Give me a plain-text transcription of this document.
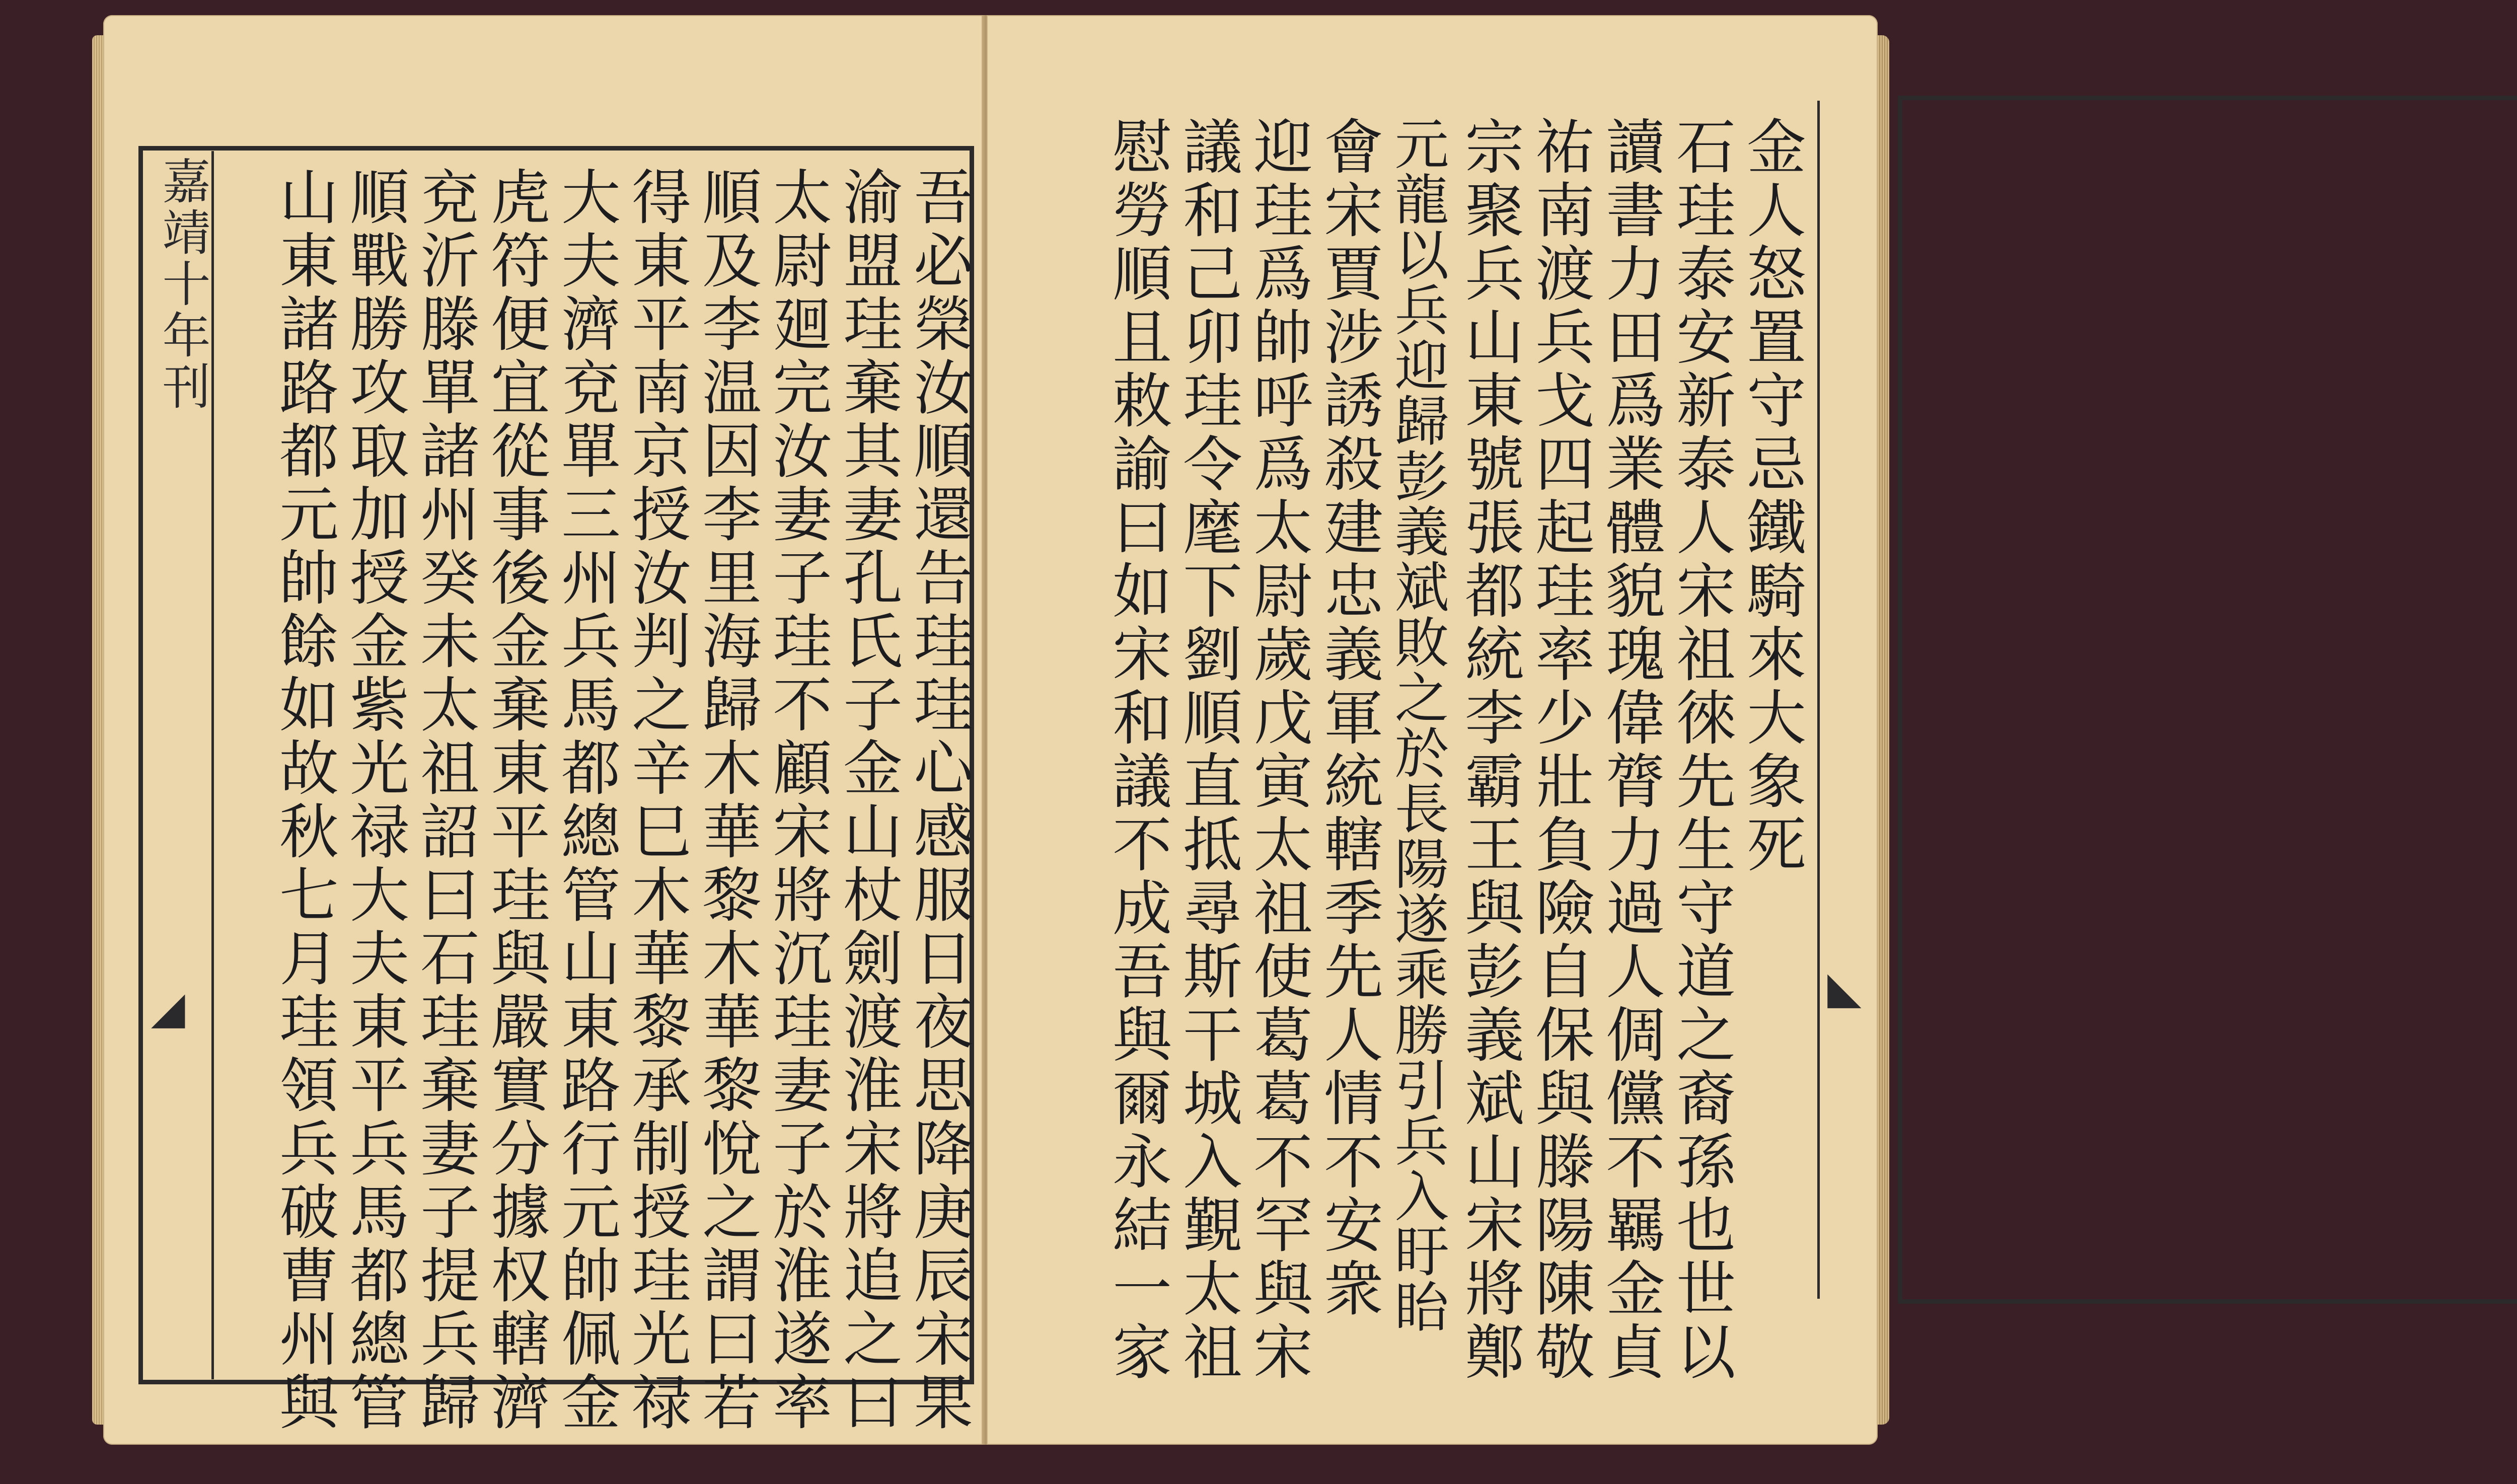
嘉靖十年刊
◢	吾必榮汝順還告珪珪心感服日夜思降庚辰宋果
渝盟珪棄其妻孔氏子金山杖劍渡淮宋將追之曰
太尉廻完汝妻子珪不顧宋將沉珪妻子於淮遂率
順及李温因李里海歸木華黎木華黎悅之謂曰若
得東平南京授汝判之辛巳木華黎承制授珪光禄
大夫濟兗單三州兵馬都總管山東路行元帥佩金
虎符便宜從事後金棄東平珪與嚴實分據权轄濟
兗沂滕單諸州癸未太祖詔曰石珪棄妻子提兵歸
順戰勝攻取加授金紫光禄大夫東平兵馬都總管
山東諸路都元帥餘如故秋七月珪領兵破曹州與	金人怒置守忌鐵騎來大象死
石珪泰安新泰人宋祖徠先生守道之裔孫也世以
讀書力田爲業體貌瑰偉膂力過人倜儻不羈金貞
祐南渡兵戈四起珪率少壯負險自保與滕陽陳敬
宗聚兵山東號張都統李霸王與彭義斌山宋將鄭
元龍以兵迎歸彭義斌敗之於長陽遂乘勝引兵入盱眙
會宋賈涉誘殺建忠義軍統轄季先人情不安衆
迎珪爲帥呼爲太尉歲戊寅太祖使葛葛不罕與宋
議和己卯珪令麾下劉順直抵尋斯干城入覲太祖
慰勞順且敕諭曰如宋和議不成吾與爾永結一家	◣
